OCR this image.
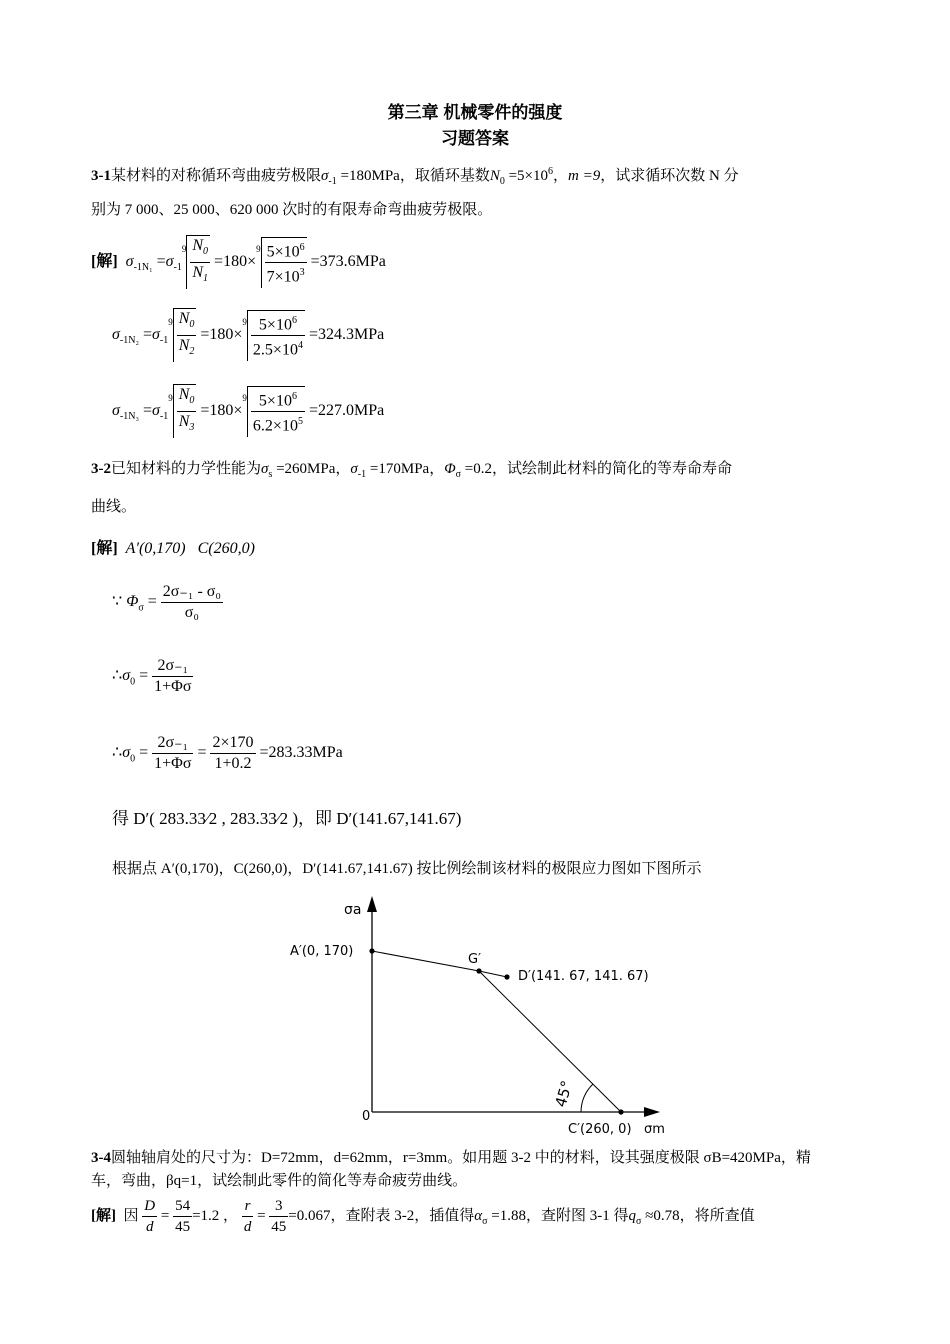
第三章 机械零件的强度
习题答案
3-1某材料的对称循环弯曲疲劳极限$\sigma_{-1} =180MPa$，取循环基数$N_0 =5\times 10^6$，m =9，试求循环次数 N 分
别为 7 000、25 000、620 000 次时的有限寿命弯曲疲劳极限。
[解] $\sigma_{-1N_1} =\sigma_{-1}^9 \frac{N_0}{N_1} =180\times^9 \frac{5\times 10^6}{7\times 10^3} =373.6MPa$
$\sigma_{-1N_2} =\sigma_{-1}^9 \frac{N_0}{N_2} =180\times^9 \frac{5\times 10^6}{2.5\times 10^4} =324.3MPa$
$\sigma_{-1N_3} =\sigma_{-1}^9 \frac{N_0}{N_3} =180\times^9 \frac{5\times 10^6}{6.2\times 10^5} =227.0MPa$
3-2已知材料的力学性能为$\sigma_s =260MPa$，$\sigma_{-1} =170MPa$，$\Phi_\sigma =0.2$，试绘制此材料的简化的等寿命寿命
曲线。
[解] A′(0,170) C(260,0)
∵ $\Phi_\sigma = \frac{\text{2σ₋₁ - σ₀}}{\text{σ₀}}$
$\therefore\sigma_0 = \frac{\text{2σ₋₁}}{1+\Phi\sigma}$
$\therefore\sigma_0 = \frac{\text{2σ₋₁}}{1+\Phi\sigma} = \frac{2\times 170}{1+0.2} =283.33MPa$
得 D′( 283.33⁄2 , 283.33⁄2 )，即 D′(141.67,141.67)
根据点 A′(0,170)，C(260,0)，D′(141.67,141.67) 按比例绘制该材料的极限应力图如下图所示
σa
A′(0, 170)
G′
D′(141. 67, 141. 67)
0
C′(260, 0) σm
45°
3-4圆轴轴肩处的尺寸为：D=72mm，d=62mm，r=3mm。如用题 3-2 中的材料，设其强度极限 σB=420MPa，精
车，弯曲，βq=1，试绘制此零件的简化等寿命疲劳曲线。
[解] 因 $\frac{D}{d} = \frac{54}{45} =1.2$ ， $\frac{r}{d} = \frac{3}{45} =0.067$，查附表 3-2，插值得$\alpha_\sigma =1.88$，查附图 3-1 得$q_\sigma \approx 0.78$，将所查值
